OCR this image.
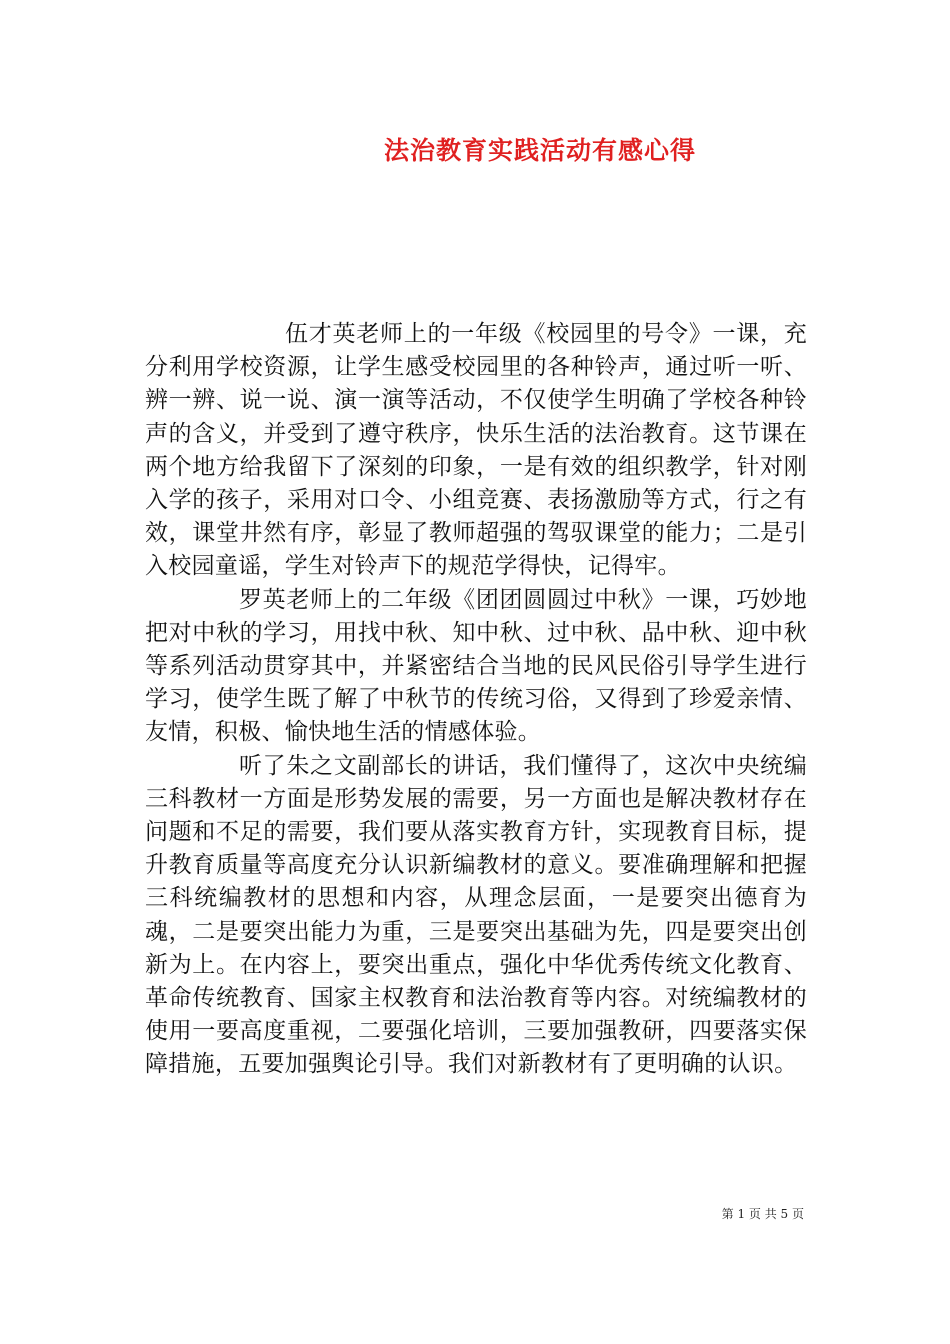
法治教育实践活动有感心得

伍才英老师上的一年级《校园里的号令》一课，充分利用学校资源，让学生感受校园里的各种铃声，通过听一听、辨一辨、说一说、演一演等活动，不仅使学生明确了学校各种铃声的含义，并受到了遵守秩序，快乐生活的法治教育。这节课在两个地方给我留下了深刻的印象，一是有效的组织教学，针对刚入学的孩子，采用对口令、小组竞赛、表扬激励等方式，行之有效，课堂井然有序，彰显了教师超强的驾驭课堂的能力；二是引入校园童谣，学生对铃声下的规范学得快，记得牢。

罗英老师上的二年级《团团圆圆过中秋》一课，巧妙地把对中秋的学习，用找中秋、知中秋、过中秋、品中秋、迎中秋等系列活动贯穿其中，并紧密结合当地的民风民俗引导学生进行学习，使学生既了解了中秋节的传统习俗，又得到了珍爱亲情、友情，积极、愉快地生活的情感体验。

听了朱之文副部长的讲话，我们懂得了，这次中央统编三科教材一方面是形势发展的需要，另一方面也是解决教材存在问题和不足的需要，我们要从落实教育方针，实现教育目标，提升教育质量等高度充分认识新编教材的意义。要准确理解和把握三科统编教材的思想和内容，从理念层面，一是要突出德育为魂，二是要突出能力为重，三是要突出基础为先，四是要突出创新为上。在内容上，要突出重点，强化中华优秀传统文化教育、革命传统教育、国家主权教育和法治教育等内容。对统编教材的使用一要高度重视，二要强化培训，三要加强教研，四要落实保障措施，五要加强舆论引导。我们对新教材有了更明确的认识。

第 1 页 共 5 页
